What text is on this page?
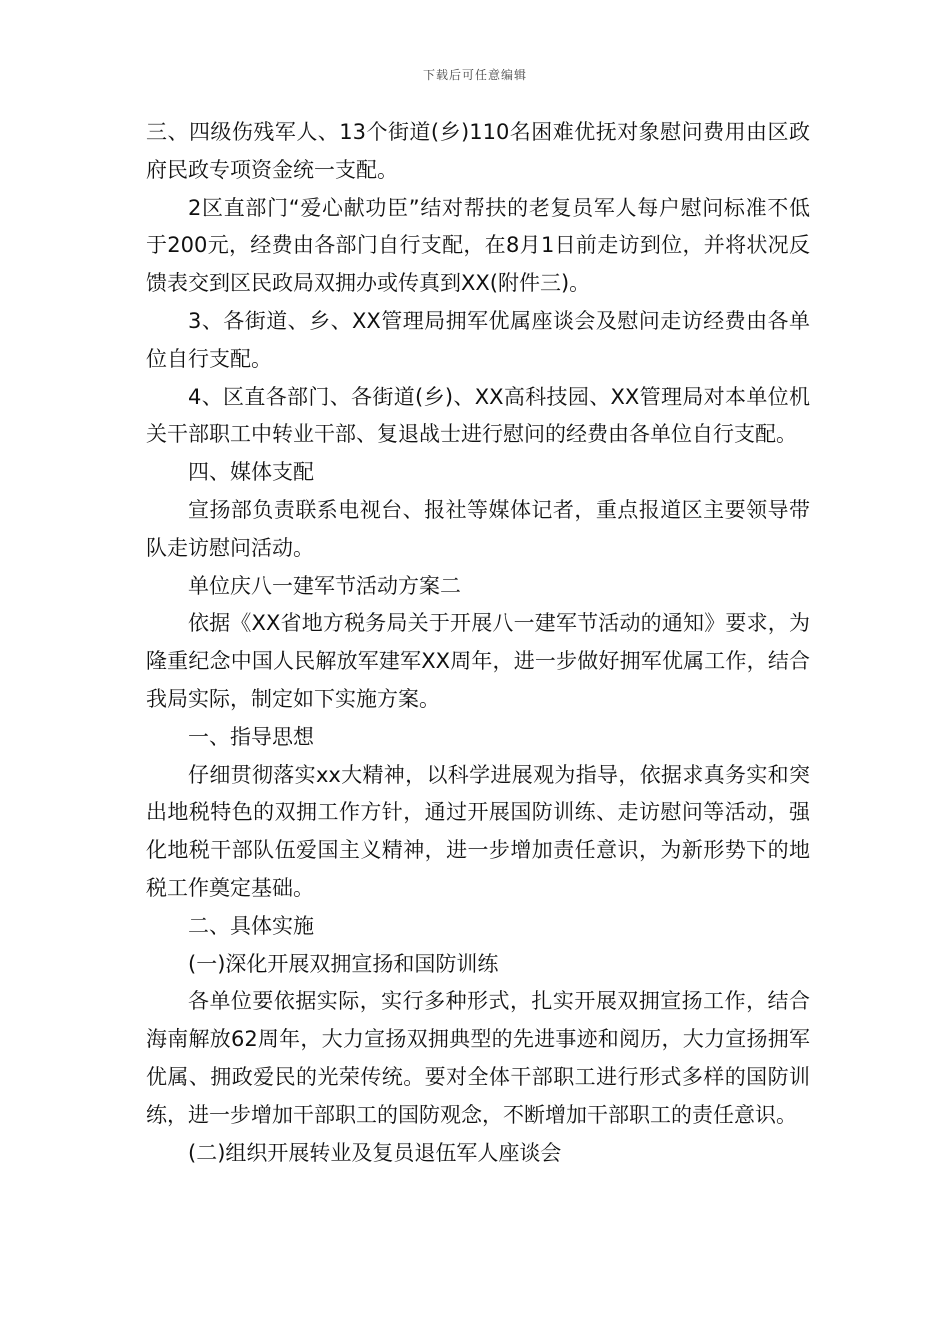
下载后可任意编辑

三、四级伤残军人、13个街道(乡)110名困难优抚对象慰问费用由区政府民政专项资金统一支配。

2区直部门“爱心献功臣”结对帮扶的老复员军人每户慰问标准不低于200元，经费由各部门自行支配，在8月1日前走访到位，并将状况反馈表交到区民政局双拥办或传真到XX(附件三)。

3、各街道、乡、XX管理局拥军优属座谈会及慰问走访经费由各单位自行支配。

4、区直各部门、各街道(乡)、XX高科技园、XX管理局对本单位机关干部职工中转业干部、复退战士进行慰问的经费由各单位自行支配。

四、媒体支配

宣扬部负责联系电视台、报社等媒体记者，重点报道区主要领导带队走访慰问活动。

单位庆八一建军节活动方案二

依据《XX省地方税务局关于开展八一建军节活动的通知》要求，为隆重纪念中国人民解放军建军XX周年，进一步做好拥军优属工作，结合我局实际，制定如下实施方案。

一、指导思想

仔细贯彻落实xx大精神，以科学进展观为指导，依据求真务实和突出地税特色的双拥工作方针，通过开展国防训练、走访慰问等活动，强化地税干部队伍爱国主义精神，进一步增加责任意识，为新形势下的地税工作奠定基础。

二、具体实施

(一)深化开展双拥宣扬和国防训练

各单位要依据实际，实行多种形式，扎实开展双拥宣扬工作，结合海南解放62周年，大力宣扬双拥典型的先进事迹和阅历，大力宣扬拥军优属、拥政爱民的光荣传统。要对全体干部职工进行形式多样的国防训练，进一步增加干部职工的国防观念，不断增加干部职工的责任意识。

(二)组织开展转业及复员退伍军人座谈会
